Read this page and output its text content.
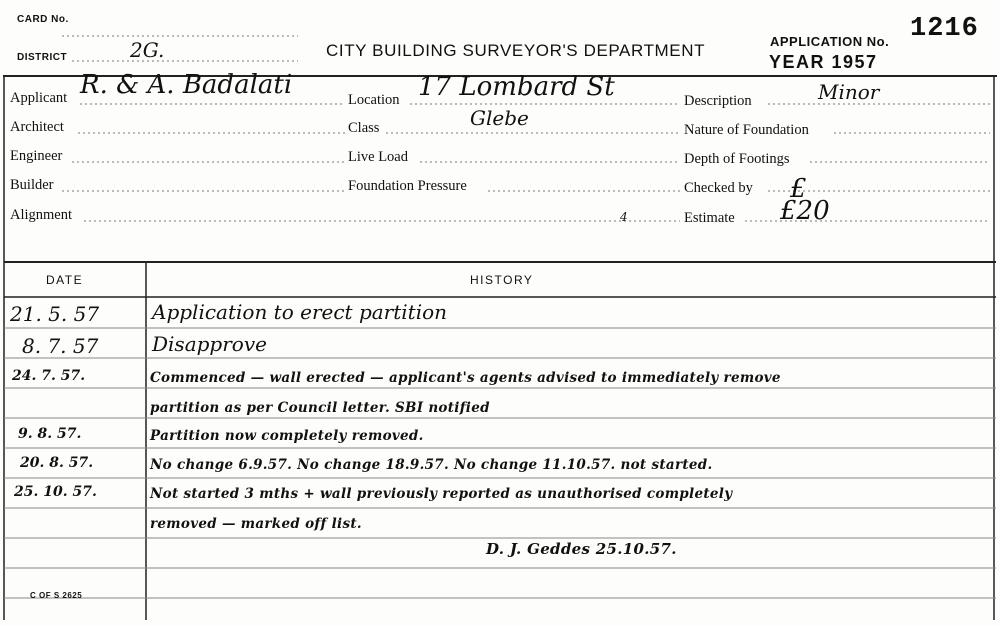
CARD No.
DISTRICT	2G.	CITY BUILDING SURVEYOR'S DEPARTMENT	APPLICATION No. 1216
YEAR 1957
Applicant R. & A. Badalati
Architect
Engineer
Builder
Alignment	4
Location 17 Lombard St
Glebe
Class
Live Load
Foundation Pressure
Description	Minor
Nature of Foundation
Depth of Footings
Checked by £
Estimate £20
DATE	HISTORY
21. 5. 57	Application to erect partition
8. 7. 57	Disapprove
24. 7. 57.	Commenced — wall erected — applicant's agents advised to immediately remove
partition as per Council letter. SBI notified
9. 8. 57.	Partition now completely removed.
20. 8. 57.	No change 6.9.57. No change 18.9.57. No change 11.10.57. not started.
25. 10. 57.	Not started 3 mths + wall previously reported as unauthorised completely
removed — marked off list.
D. J. Geddes 25.10.57.
C OF S 2625
